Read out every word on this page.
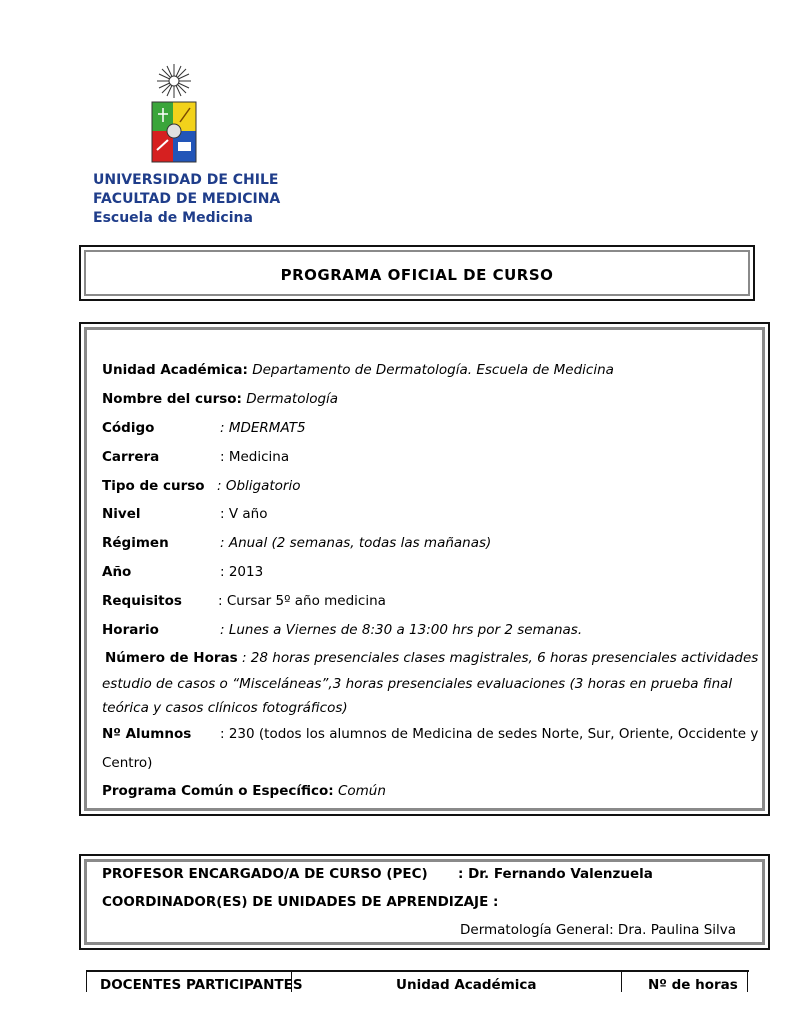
UNIVERSIDAD DE CHILE
FACULTAD DE MEDICINA
Escuela de Medicina
PROGRAMA OFICIAL DE CURSO
Unidad Académica: Departamento de Dermatología. Escuela de Medicina
Nombre del curso: Dermatología
Código	: MDERMAT5
Carrera	: Medicina
Tipo de curso : Obligatorio
Nivel	: V año
Régimen	: Anual (2 semanas, todas las mañanas)
Año	: 2013
Requisitos	: Cursar 5º año medicina
Horario	: Lunes a Viernes de 8:30 a 13:00 hrs por 2 semanas.
Número de Horas : 28 horas presenciales clases magistrales, 6 horas presenciales actividades
estudio de casos o “Misceláneas”,3 horas presenciales evaluaciones (3 horas en prueba final
teórica y casos clínicos fotográficos)
Nº Alumnos : 230 (todos los alumnos de Medicina de sedes Norte, Sur, Oriente, Occidente y
Centro)
Programa Común o Específico: Común
PROFESOR ENCARGADO/A DE CURSO (PEC) : Dr. Fernando Valenzuela
COORDINADOR(ES) DE UNIDADES DE APRENDIZAJE :
Dermatología General: Dra. Paulina Silva
DOCENTES PARTICIPANTES	Unidad Académica	Nº de horas
